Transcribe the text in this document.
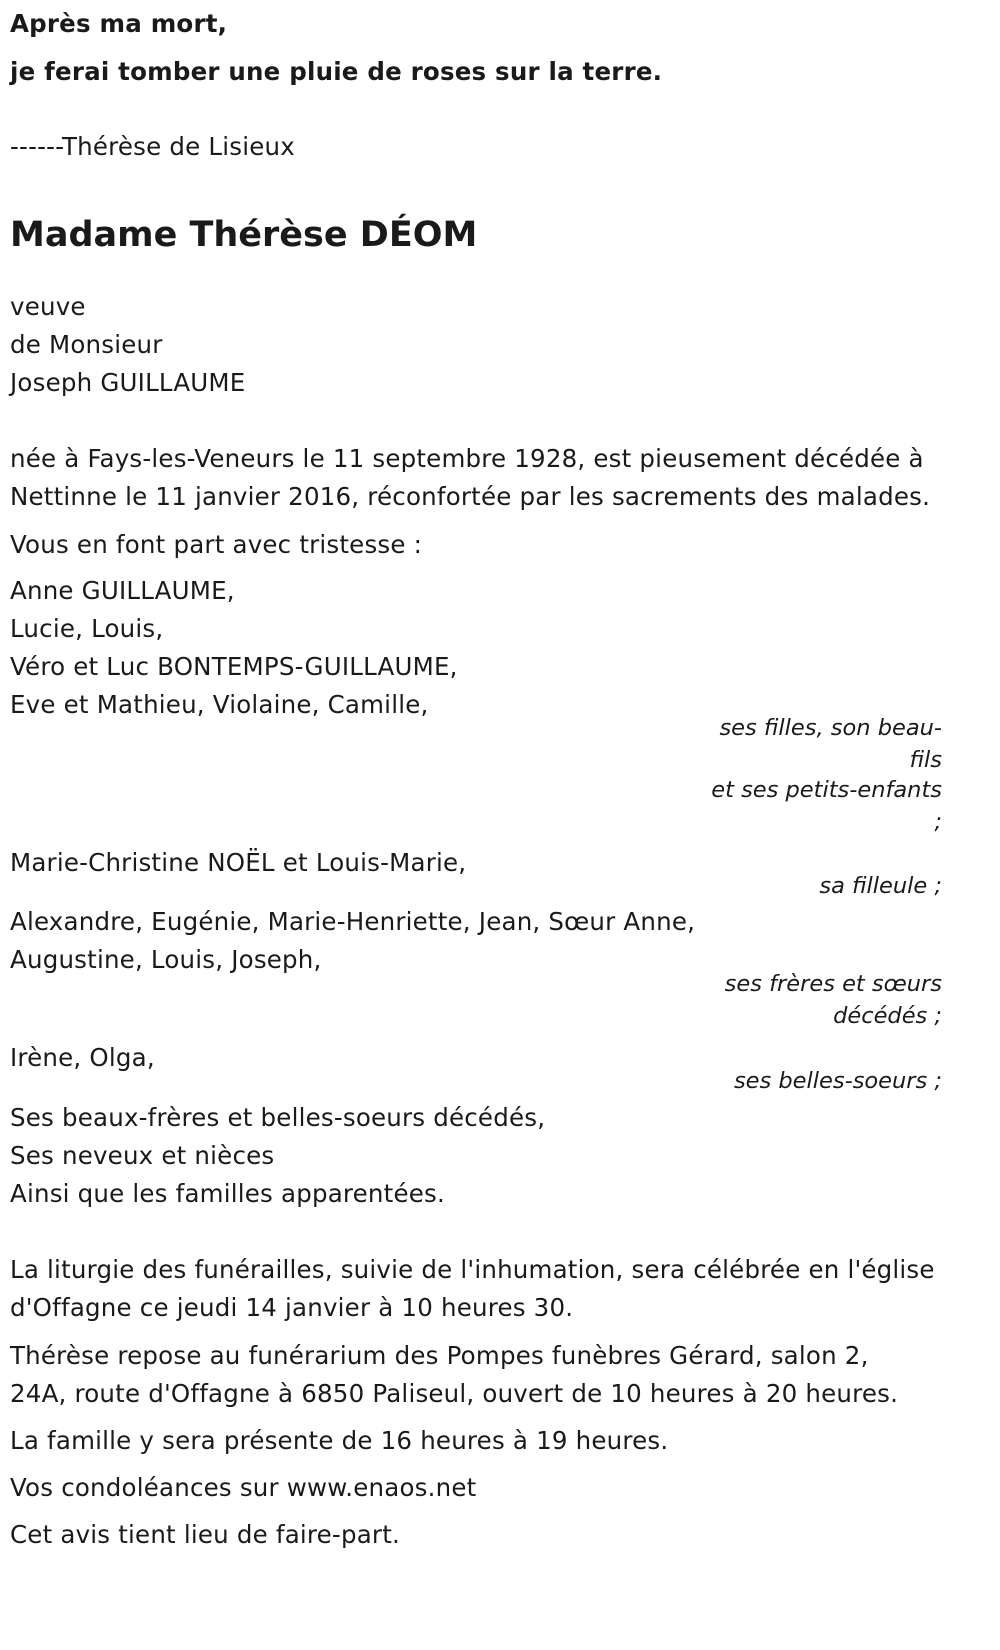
Après ma mort,

je ferai tomber une pluie de roses sur la terre.

------Thérèse de Lisieux

Madame Thérèse DÉOM

veuve

de Monsieur

Joseph GUILLAUME

née à Fays-les-Veneurs le 11 septembre 1928, est pieusement décédée à

Nettinne le 11 janvier 2016, réconfortée par les sacrements des malades.

Vous en font part avec tristesse :

Anne GUILLAUME,

Lucie, Louis,

Véro et Luc BONTEMPS-GUILLAUME,

Eve et Mathieu, Violaine, Camille,

ses filles, son beau-fils

et ses petits-enfants ;

Marie-Christine NOËL et Louis-Marie,

sa filleule ;

Alexandre, Eugénie, Marie-Henriette, Jean, Sœur Anne,

Augustine, Louis, Joseph,

ses frères et sœurs décédés ;

Irène, Olga,

ses belles-soeurs ;

Ses beaux-frères et belles-soeurs décédés,

Ses neveux et nièces

Ainsi que les familles apparentées.

La liturgie des funérailles, suivie de l'inhumation, sera célébrée en l'église

d'Offagne ce jeudi 14 janvier à 10 heures 30.

Thérèse repose au funérarium des Pompes funèbres Gérard, salon 2,

24A, route d'Offagne à 6850 Paliseul, ouvert de 10 heures à 20 heures.

La famille y sera présente de 16 heures à 19 heures.

Vos condoléances sur www.enaos.net

Cet avis tient lieu de faire-part.
